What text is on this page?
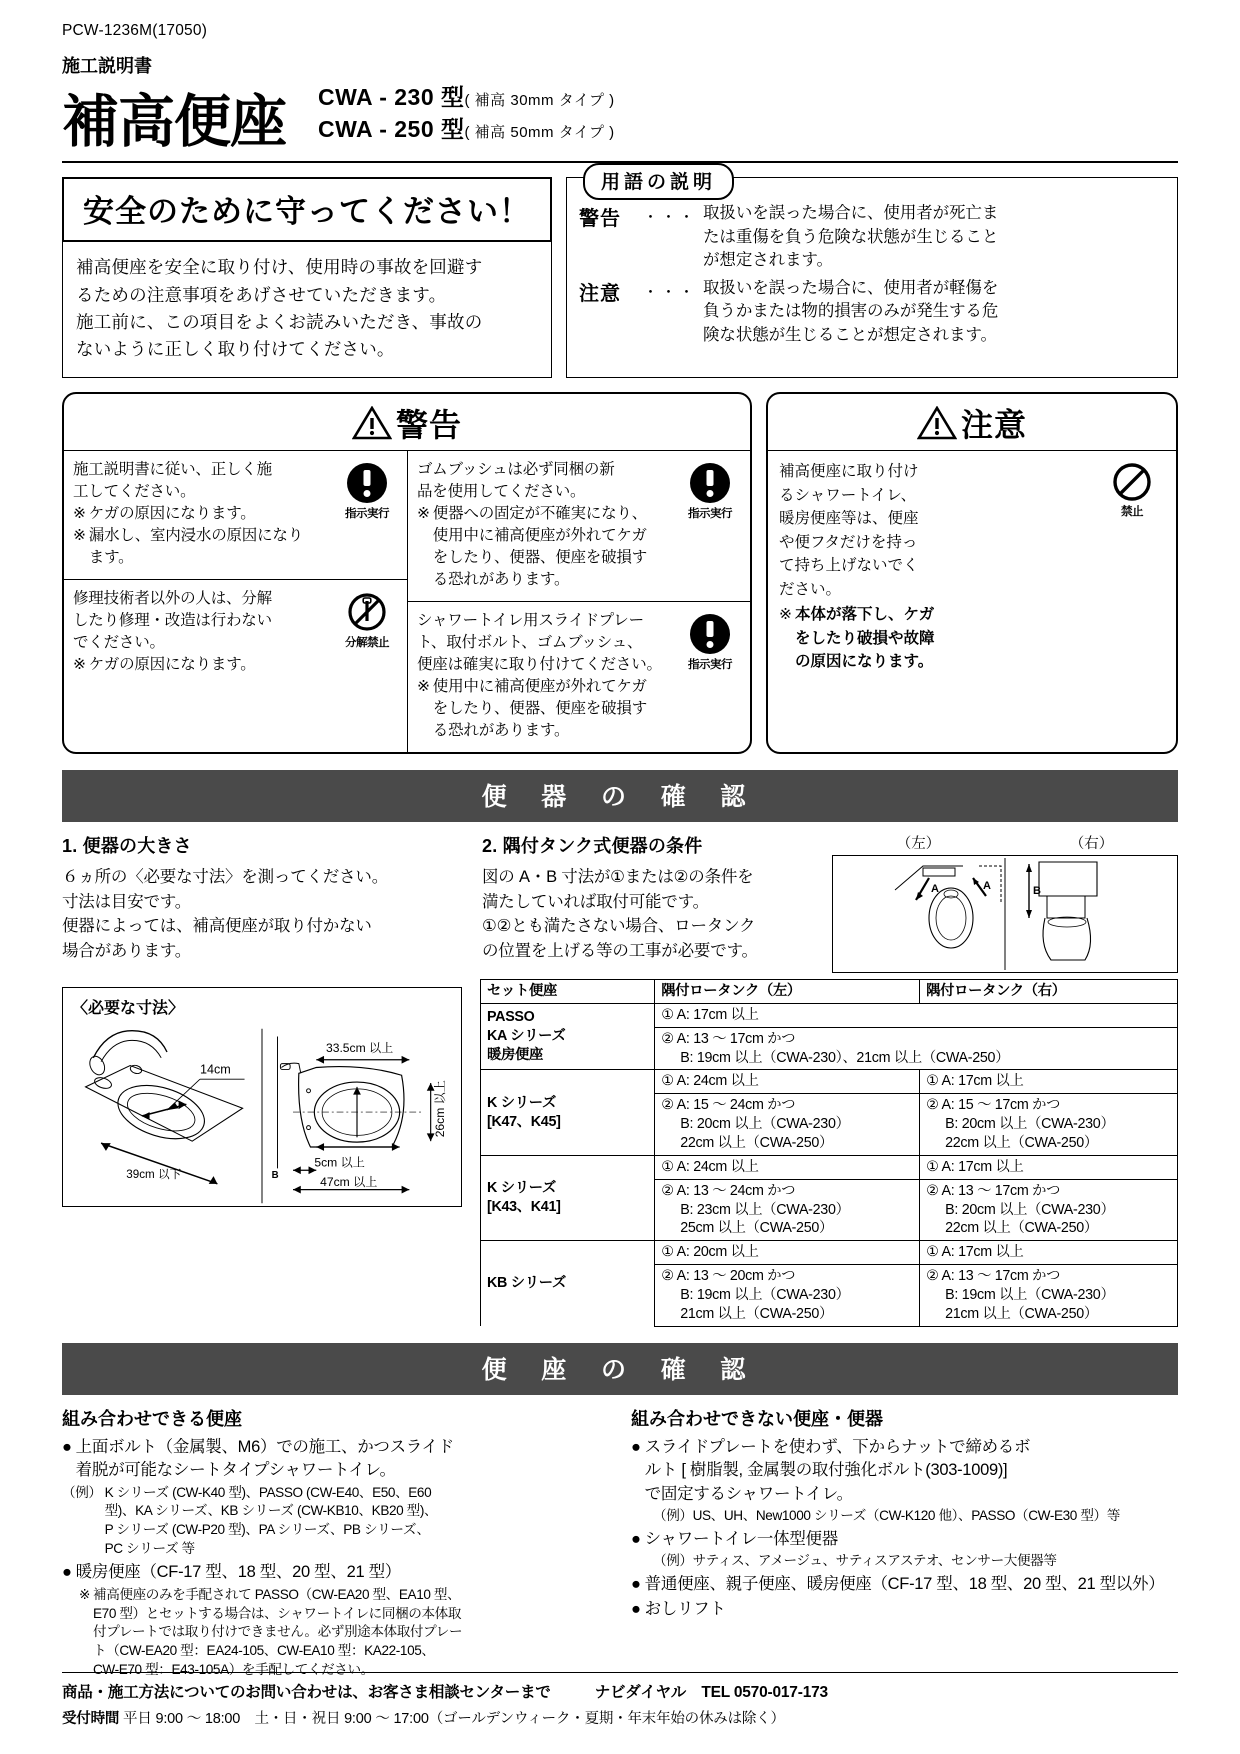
PCW-1236M(17050)
施工説明書
補高便座 CWA - 230 型( 補高 30mm タイプ )
CWA - 250 型( 補高 50mm タイプ )
安全のために守ってください！
補高便座を安全に取り付け、使用時の事故を回避す
るための注意事項をあげさせていただきます。
施工前に、この項目をよくお読みいただき、事故の
ないように正しく取り付けてください。
用語の説明
警告	・・・ 取扱いを誤った場合に、使用者が死亡ま
たは重傷を負う危険な状態が生じること
が想定されます。
注意	・・・ 取扱いを誤った場合に、使用者が軽傷を
負うかまたは物的損害のみが発生する危
険な状態が生じることが想定されます。
警告
施工説明書に従い、正しく施
工してください。
※ ケガの原因になります。
※ 漏水し、室内浸水の原因になり
ます。
指示実行
修理技術者以外の人は、分解
したり修理・改造は行わない
でください。
※ ケガの原因になります。
分解禁止
ゴムブッシュは必ず同梱の新
品を使用してください。
※ 便器への固定が不確実になり、
使用中に補高便座が外れてケガ
をしたり、便器、便座を破損す
る恐れがあります。
指示実行
シャワートイレ用スライドプレー
ト、取付ボルト、ゴムブッシュ、
便座は確実に取り付けてください。
※ 使用中に補高便座が外れてケガ
をしたり、便器、便座を破損す
る恐れがあります。
指示実行
注意
補高便座に取り付け
るシャワートイレ、
暖房便座等は、便座
や便フタだけを持っ
て持ち上げないでく
ださい。
禁止
※ 本体が落下し、ケガ
をしたり破損や故障
の原因になります。
便 器 の 確 認
1. 便器の大きさ
６ヵ所の〈必要な寸法〉を測ってください。
寸法は目安です。
便器によっては、補高便座が取り付かない
場合があります。
2. 隅付タンク式便器の条件
図の A・B 寸法が①または②の条件を
満たしていれば取付可能です。
①②とも満たさない場合、ロータンク
の位置を上げる等の工事が必要です。
（左）	（右）
A	A	B
〈必要な寸法〉
14cm
39cm 以下
33.5cm 以上
26cm 以上
5cm 以上
47cm 以上
B
セット便座	隅付ロータンク（左）	隅付ロータンク（右）

PASSO
KA シリーズ
暖房便座	① A: 17cm 以上	
	② A: 13 〜 17cm かつ
B: 19cm 以上（CWA-230）、21cm 以上（CWA-250）	

K シリーズ
[K47、K45]	① A: 24cm 以上	① A: 17cm 以上
	② A: 15 〜 24cm かつ
B: 20cm 以上（CWA-230）
22cm 以上（CWA-250）	② A: 15 〜 17cm かつ
B: 20cm 以上（CWA-230）
22cm 以上（CWA-250）

K シリーズ
[K43、K41]	① A: 24cm 以上	① A: 17cm 以上
	② A: 13 〜 24cm かつ
B: 23cm 以上（CWA-230）
25cm 以上（CWA-250）	② A: 13 〜 17cm かつ
B: 20cm 以上（CWA-230）
22cm 以上（CWA-250）

KB シリーズ	① A: 20cm 以上	① A: 17cm 以上
	② A: 13 〜 20cm かつ
B: 19cm 以上（CWA-230）
21cm 以上（CWA-250）	② A: 13 〜 17cm かつ
B: 19cm 以上（CWA-230）
21cm 以上（CWA-250）
便 座 の 確 認
組み合わせできる便座
● 上面ボルト（金属製、M6）での施工、かつスライド
着脱が可能なシートタイプシャワートイレ。
（例） K シリーズ (CW-K40 型)、PASSO (CW-E40、E50、E60
型)、KA シリーズ、KB シリーズ (CW-KB10、KB20 型)、
P シリーズ (CW-P20 型)、PA シリーズ、PB シリーズ、
PC シリーズ 等
● 暖房便座（CF-17 型、18 型、20 型、21 型）
※ 補高便座のみを手配されて PASSO（CW-EA20 型、EA10 型、
E70 型）とセットする場合は、シャワートイレに同梱の本体取
付プレートでは取り付けできません。必ず別途本体取付プレー
ト（CW-EA20 型：EA24-105、CW-EA10 型：KA22-105、
CW-E70 型：E43-105A）を手配してください。
組み合わせできない便座・便器
● スライドプレートを使わず、下からナットで締めるボ
ルト [ 樹脂製, 金属製の取付強化ボルト(303-1009)]
で固定するシャワートイレ。
（例）US、UH、New1000 シリーズ（CW-K120 他）、PASSO（CW-E30 型）等
● シャワートイレ一体型便器
（例）サティス、アメージュ、サティスアステオ、センサー大便器等
● 普通便座、親子便座、暖房便座（CF-17 型、18 型、20 型、21 型以外）
● おしリフト
商品・施工方法についてのお問い合わせは、お客さま相談センターまで	ナビダイヤル　TEL 0570-017-173
受付時間 平日 9:00 〜 18:00　土・日・祝日 9:00 〜 17:00（ゴールデンウィーク・夏期・年末年始の休みは除く）
